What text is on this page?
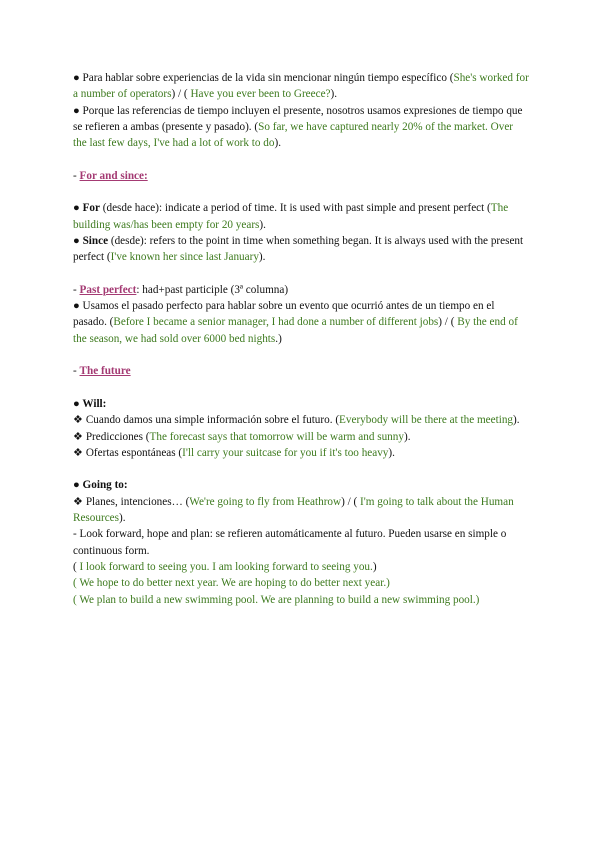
● Para hablar sobre experiencias de la vida sin mencionar ningún tiempo específico (She's worked for a number of operators) / ( Have you ever been to Greece?).

● Porque las referencias de tiempo incluyen el presente, nosotros usamos expresiones de tiempo que se refieren a ambas (presente y pasado). (So far, we have captured nearly 20% of the market. Over the last few days, I've had a lot of work to do).

- For and since:

● For (desde hace): indicate a period of time. It is used with past simple and present perfect (The building was/has been empty for 20 years).

● Since (desde): refers to the point in time when something began. It is always used with the present perfect (I've known her since last January).

- Past perfect: had+past participle (3ª columna)

● Usamos el pasado perfecto para hablar sobre un evento que ocurrió antes de un tiempo en el pasado. (Before I became a senior manager, I had done a number of different jobs) / ( By the end of the season, we had sold over 6000 bed nights.)

- The future

● Will:

❖ Cuando damos una simple información sobre el futuro. (Everybody will be there at the meeting).

❖ Predicciones (The forecast says that tomorrow will be warm and sunny).

❖ Ofertas espontáneas (I'll carry your suitcase for you if it's too heavy).

● Going to:

❖ Planes, intenciones… (We're going to fly from Heathrow) / ( I'm going to talk about the Human Resources).

- Look forward, hope and plan: se refieren automáticamente al futuro. Pueden usarse en simple o continuous form.

( I look forward to seeing you. I am looking forward to seeing you.)

( We hope to do better next year. We are hoping to do better next year.)

( We plan to build a new swimming pool. We are planning to build a new swimming pool.)
